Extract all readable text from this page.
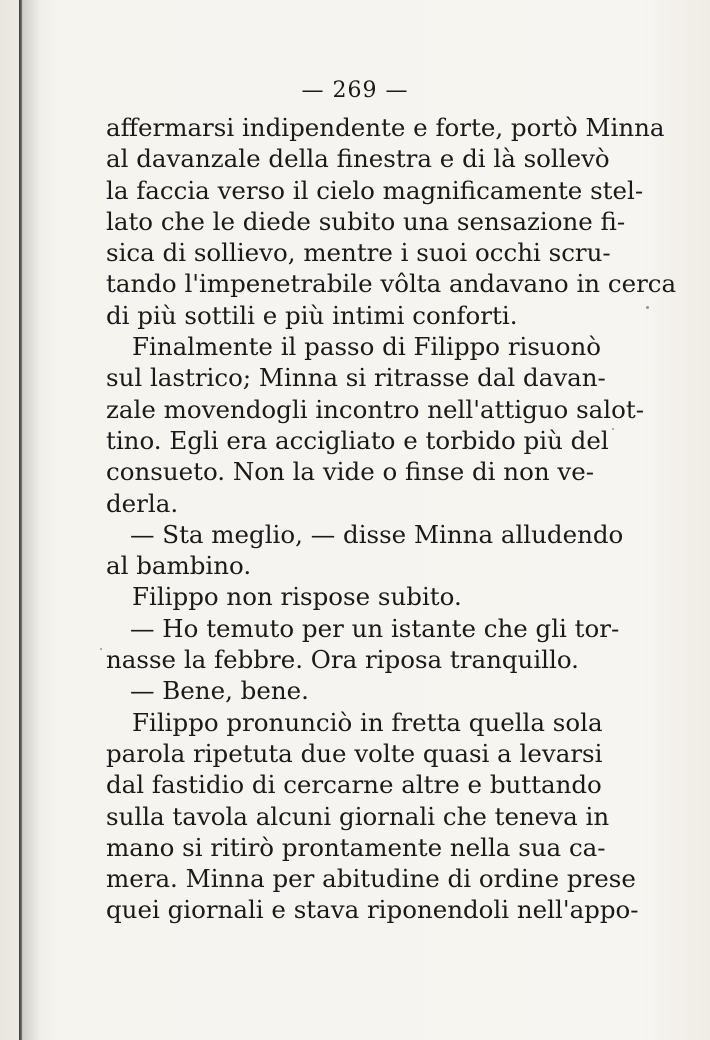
— 269 —
affermarsi indipendente e forte, portò Minna
al davanzale della finestra e di là sollevò
la faccia verso il cielo magnificamente stel-
lato che le diede subito una sensazione fi-
sica di sollievo, mentre i suoi occhi scru-
tando l'impenetrabile vôlta andavano in cerca
di più sottili e più intimi conforti.
Finalmente il passo di Filippo risuonò
sul lastrico; Minna si ritrasse dal davan-
zale movendogli incontro nell'attiguo salot-
tino. Egli era accigliato e torbido più del
consueto. Non la vide o finse di non ve-
derla.
— Sta meglio, — disse Minna alludendo
al bambino.
Filippo non rispose subito.
— Ho temuto per un istante che gli tor-
nasse la febbre. Ora riposa tranquillo.
— Bene, bene.
Filippo pronunciò in fretta quella sola
parola ripetuta due volte quasi a levarsi
dal fastidio di cercarne altre e buttando
sulla tavola alcuni giornali che teneva in
mano si ritirò prontamente nella sua ca-
mera. Minna per abitudine di ordine prese
quei giornali e stava riponendoli nell'appo-
